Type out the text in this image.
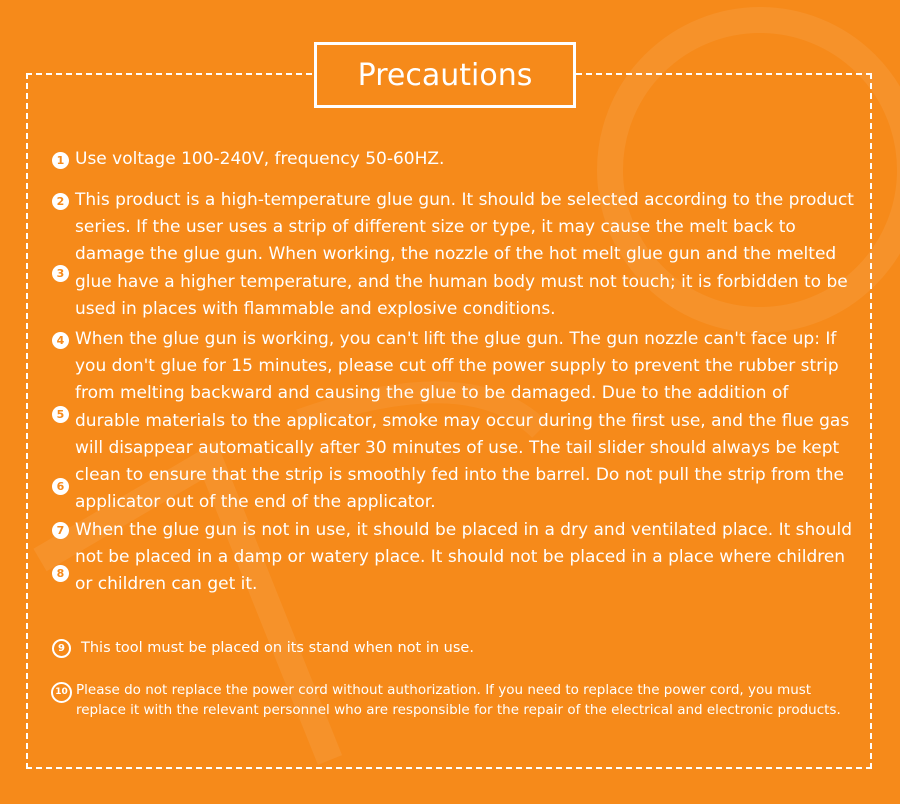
Precautions
1
2
3
4
5
6
7
8
9
10
Use voltage 100-240V, frequency 50-60HZ.
This product is a high-temperature glue gun. It should be selected according to the product series. If the user uses a strip of different size or type, it may cause the melt back to damage the glue gun. When working, the nozzle of the hot melt glue gun and the melted glue have a higher temperature, and the human body must not touch; it is forbidden to be used in places with flammable and explosive conditions.
When the glue gun is working, you can't lift the glue gun. The gun nozzle can't face up: If you don't glue for 15 minutes, please cut off the power supply to prevent the rubber strip from melting backward and causing the glue to be damaged. Due to the addition of durable materials to the applicator, smoke may occur during the first use, and the flue gas will disappear automatically after 30 minutes of use. The tail slider should always be kept clean to ensure that the strip is smoothly fed into the barrel. Do not pull the strip from the applicator out of the end of the applicator.
When the glue gun is not in use, it should be placed in a dry and ventilated place. It should not be placed in a damp or watery place. It should not be placed in a place where children or children can get it.
This tool must be placed on its stand when not in use.
Please do not replace the power cord without authorization. If you need to replace the power cord, you must replace it with the relevant personnel who are responsible for the repair of the electrical and electronic products.
